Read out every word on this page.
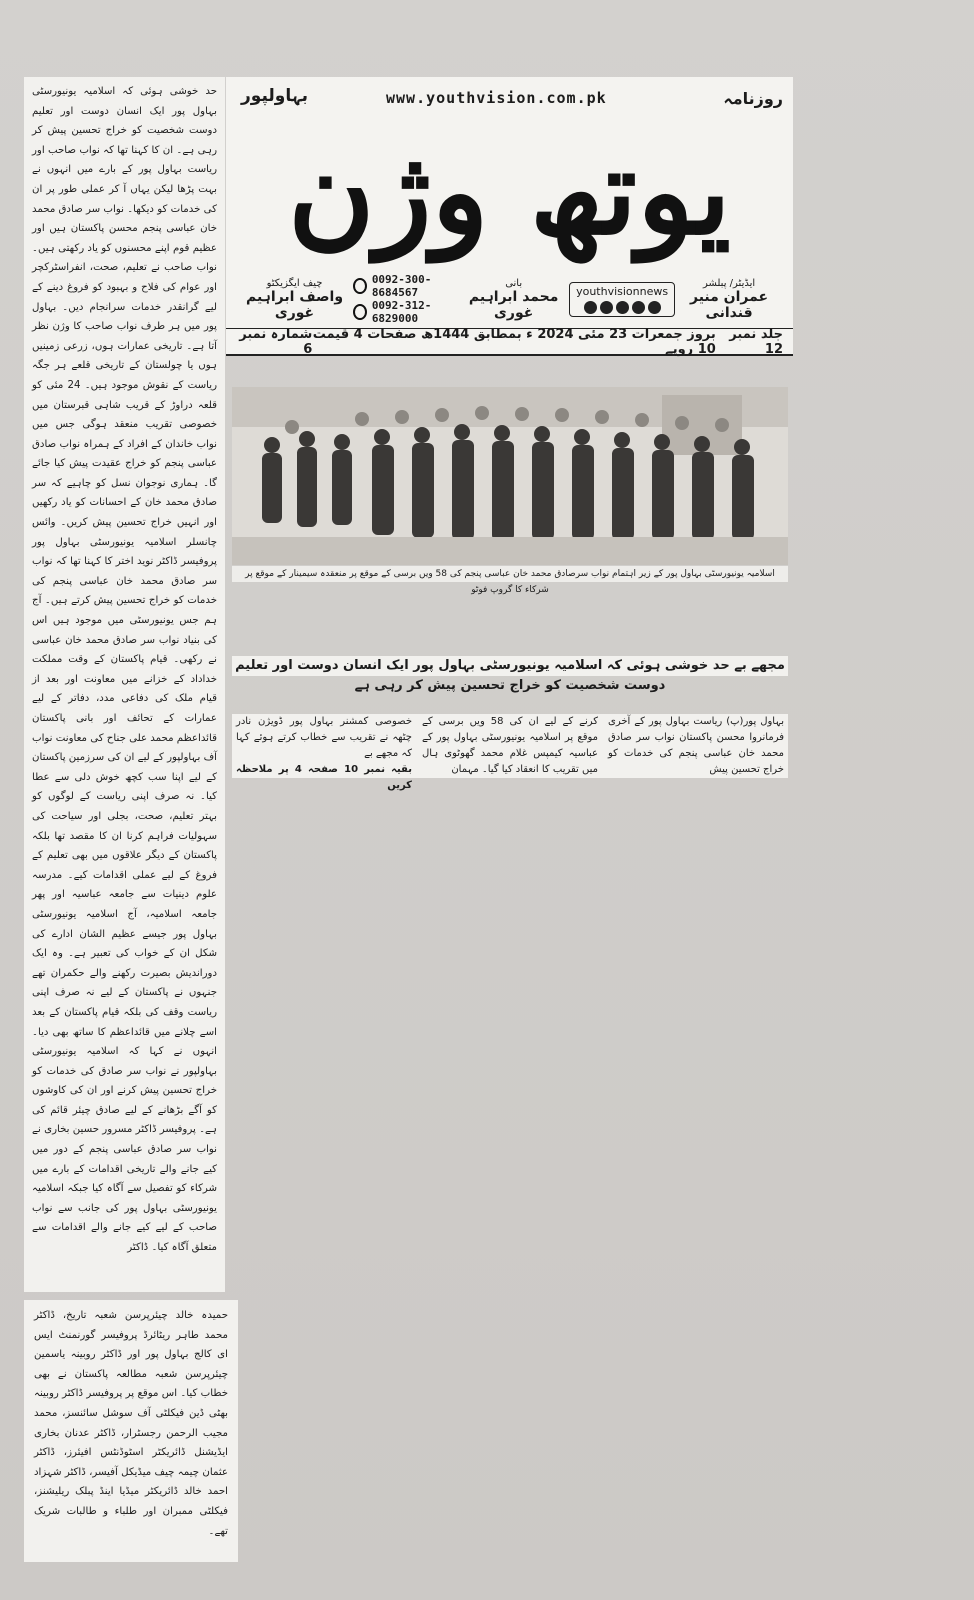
حد خوشی ہوئی کہ اسلامیہ یونیورسٹی بہاول پور ایک انسان دوست اور تعلیم دوست شخصیت کو خراج تحسین پیش کر رہی ہے۔ ان کا کہنا تھا کہ نواب صاحب اور ریاست بہاول پور کے بارے میں انہوں نے بہت پڑھا لیکن یہاں آ کر عملی طور پر ان کی خدمات کو دیکھا۔ نواب سر صادق محمد خان عباسی پنجم محسن پاکستان ہیں اور عظیم قوم اپنے محسنوں کو یاد رکھتی ہیں۔ نواب صاحب نے تعلیم، صحت، انفراسٹرکچر اور عوام کی فلاح و بہبود کو فروغ دینے کے لیے گرانقدر خدمات سرانجام دیں۔ بہاول پور میں ہر طرف نواب صاحب کا وژن نظر آتا ہے۔ تاریخی عمارات ہوں، زرعی زمینیں ہوں یا چولستان کے تاریخی قلعے ہر جگہ ریاست کے نقوش موجود ہیں۔ 24 مئی کو قلعہ دراوڑ کے قریب شاہی قبرستان میں خصوصی تقریب منعقد ہوگی جس میں نواب خاندان کے افراد کے ہمراہ نواب صادق عباسی پنجم کو خراج عقیدت پیش کیا جائے گا۔ ہماری نوجوان نسل کو چاہیے کہ سر صادق محمد خان کے احسانات کو یاد رکھیں اور انہیں خراج تحسین پیش کریں۔ وائس چانسلر اسلامیہ یونیورسٹی بہاول پور پروفیسر ڈاکٹر نوید اختر کا کہنا تھا کہ نواب سر صادق محمد خان عباسی پنجم کی خدمات کو خراج تحسین پیش کرتے ہیں۔ آج ہم جس یونیورسٹی میں موجود ہیں اس کی بنیاد نواب سر صادق محمد خان عباسی نے رکھی۔ قیام پاکستان کے وقت مملکت خداداد کے خزانے میں معاونت اور بعد از قیام ملک کی دفاعی مدد، دفاتر کے لیے عمارات کے تحائف اور بانی پاکستان قائداعظم محمد علی جناح کی معاونت نواب آف بہاولپور کے لیے ان کی سرزمین پاکستان کے لیے اپنا سب کچھ خوش دلی سے عطا کیا۔ نہ صرف اپنی ریاست کے لوگوں کو بہتر تعلیم، صحت، بجلی اور سیاحت کی سہولیات فراہم کرنا ان کا مقصد تھا بلکہ پاکستان کے دیگر علاقوں میں بھی تعلیم کے فروغ کے لیے عملی اقدامات کیے۔ مدرسہ علوم دینیات سے جامعہ عباسیہ اور پھر جامعہ اسلامیہ، آج اسلامیہ یونیورسٹی بہاول پور جیسے عظیم الشان ادارے کی شکل ان کے خواب کی تعبیر ہے۔ وہ ایک دوراندیش بصیرت رکھنے والے حکمران تھے جنہوں نے پاکستان کے لیے نہ صرف اپنی ریاست وقف کی بلکہ قیام پاکستان کے بعد اسے چلانے میں قائداعظم کا ساتھ بھی دیا۔ انہوں نے کہا کہ اسلامیہ یونیورسٹی بہاولپور نے نواب سر صادق کی خدمات کو خراج تحسین پیش کرنے اور ان کی کاوشوں کو آگے بڑھانے کے لیے صادق چیئر قائم کی ہے۔ پروفیسر ڈاکٹر مسرور حسین بخاری نے نواب سر صادق عباسی پنجم کے دور میں کیے جانے والے تاریخی اقدامات کے بارے میں شرکاء کو تفصیل سے آگاہ کیا جبکہ اسلامیہ یونیورسٹی بہاول پور کی جانب سے نواب صاحب کے لیے کیے جانے والے اقدامات سے متعلق آگاہ کیا۔ ڈاکٹر

حمیدہ خالد چیئرپرسن شعبہ تاریخ، ڈاکٹر محمد طاہر ریٹائرڈ پروفیسر گورنمنٹ ایس ای کالج بہاول پور اور ڈاکٹر روبینہ یاسمین چیئرپرسن شعبہ مطالعہ پاکستان نے بھی خطاب کیا۔ اس موقع پر پروفیسر ڈاکٹر روبینہ بھٹی ڈین فیکلٹی آف سوشل سائنسز، محمد مجیب الرحمن رجسٹرار، ڈاکٹر عدنان بخاری ایڈیشنل ڈائریکٹر اسٹوڈنٹس افیئرز، ڈاکٹر عثمان چیمہ چیف میڈیکل آفیسر، ڈاکٹر شہزاد احمد خالد ڈائریکٹر میڈیا اینڈ پبلک ریلیشنز، فیکلٹی ممبران اور طلباء و طالبات شریک تھے۔

بہاولپور	www.youthvision.com.pk	روزنامہ
یوتھ وژن
چیف ایگزیکٹو
واصف ابراہیم غوری
0092-300-8684567
0092-312-6829000
بانی
محمد ابراہیم غوری
youthvisionnews
ایڈیٹر/ پبلشر
عمران منیر قندانی
جلد نمبر 12
بروز جمعرات 23 مئی 2024 ء بمطابق 1444ھ صفحات 4 قیمت 10 روپے
شمارہ نمبر 6
اسلامیہ یونیورسٹی بہاول پور کے زیر اہتمام نواب سرصادق محمد خان عباسی پنجم کی 58 ویں برسی کے موقع پر منعقدہ سیمینار کے موقع پر شرکاء کا گروپ فوٹو
مجھے بے حد خوشی ہوئی کہ اسلامیہ یونیورسٹی بہاول پور ایک انسان دوست اور تعلیم دوست شخصیت کو خراج تحسین پیش کر رہی ہے
بہاول پور(پ) ریاست بہاول پور کے آخری فرمانروا محسن پاکستان نواب سر صادق محمد خان عباسی پنجم کی خدمات کو خراج تحسین پیش
کرنے کے لیے ان کی 58 ویں برسی کے موقع پر اسلامیہ یونیورسٹی بہاول پور کے عباسیہ کیمپس غلام محمد گھوٹوی ہال میں تقریب کا انعقاد کیا گیا۔ مہمان
خصوصی کمشنر بہاول پور ڈویژن نادر چٹھہ نے تقریب سے خطاب کرتے ہوئے کہا کہ مجھے بے
بقیہ نمبر 10 صفحہ 4 پر ملاحظہ کریں
